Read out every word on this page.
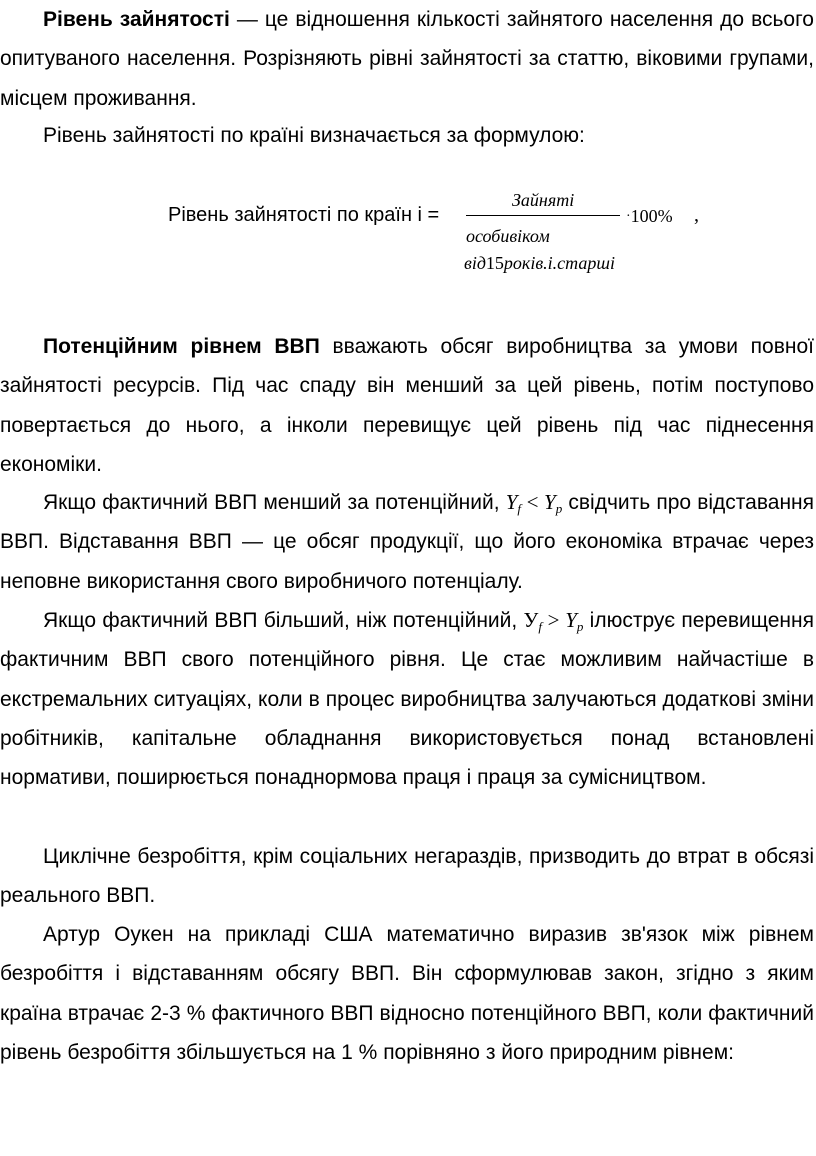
Рівень зайнятості — це відношення кількості зайнятого населення до всього опитуваного населення. Розрізняють рівні зайнятості за статтю, віковими групами, місцем проживання.

Рівень зайнятості по країні визначається за формулою:

Рівень зайнятості по країн і =
Зайняті
особивіком
від15років.і.старші
·100% ,

Потенційним рівнем ВВП вважають обсяг виробництва за умови повної зайнятості ресурсів. Під час спаду він менший за цей рівень, потім поступово повертається до нього, а інколи перевищує цей рівень під час піднесення економіки.

Якщо фактичний ВВП менший за потенційний, $Y_f < Y_p$ свідчить про відставання ВВП. Відставання ВВП — це обсяг продукції, що його економіка втрачає через неповне використання свого виробничого потенціалу.

Якщо фактичний ВВП більший, ніж потенційний, $У_f > Y_p$ ілюструє перевищення фактичним ВВП свого потенційного рівня. Це стає можливим найчастіше в екстремальних ситуаціях, коли в процес виробництва залучаються додаткові зміни робітників, капітальне обладнання використовується понад встановлені нормативи, поширюється понаднормова праця і праця за сумісництвом.

Циклічне безробіття, крім соціальних негараздів, призводить до втрат в обсязі реального ВВП.

Артур Оукен на прикладі США математично виразив зв'язок між рівнем безробіття і відставанням обсягу ВВП. Він сформулював закон, згідно з яким країна втрачає 2-3 % фактичного ВВП відносно потенційного ВВП, коли фактичний рівень безробіття збільшується на 1 % порівняно з його природним рівнем:
